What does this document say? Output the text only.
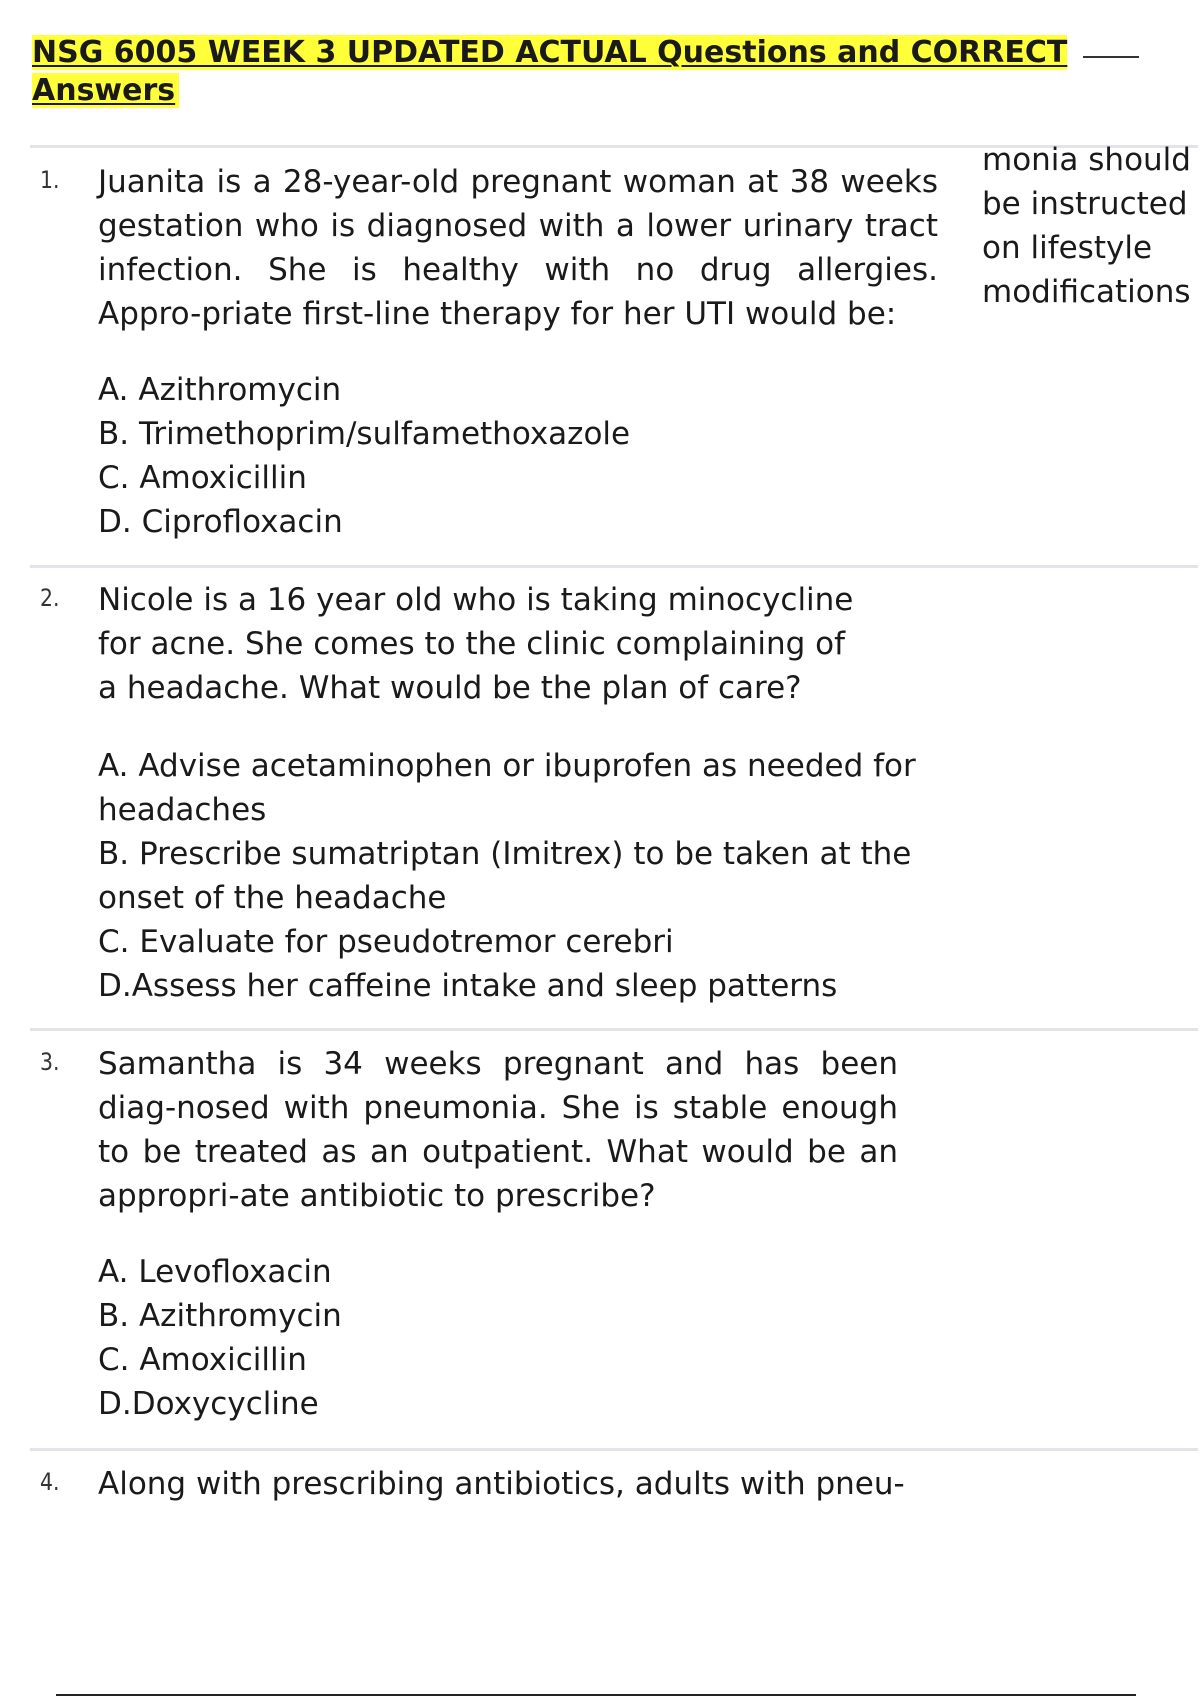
NSG 6005 WEEK 3 UPDATED ACTUAL Questions and CORRECT Answers
1. Juanita is a 28-year-old pregnant woman at 38 weeks gestation who is diagnosed with a lower urinary tract infection. She is healthy with no drug allergies. Appro-priate first-line therapy for her UTI would be:

A. Azithromycin
B. Trimethoprim/sulfamethoxazole
C. Amoxicillin
D. Ciprofloxacin
monia should be instructed on lifestyle modifications
2. Nicole is a 16 year old who is taking minocycline for acne. She comes to the clinic complaining of a headache. What would be the plan of care?

A. Advise acetaminophen or ibuprofen as needed for headaches
B. Prescribe sumatriptan (Imitrex) to be taken at the onset of the headache
C. Evaluate for pseudotremor cerebri
D.Assess her caffeine intake and sleep patterns
3. Samantha is 34 weeks pregnant and has been diag-nosed with pneumonia. She is stable enough to be treated as an outpatient. What would be an appropri-ate antibiotic to prescribe?

A. Levofloxacin
B. Azithromycin
C. Amoxicillin
D.Doxycycline
4. Along with prescribing antibiotics, adults with pneu-
